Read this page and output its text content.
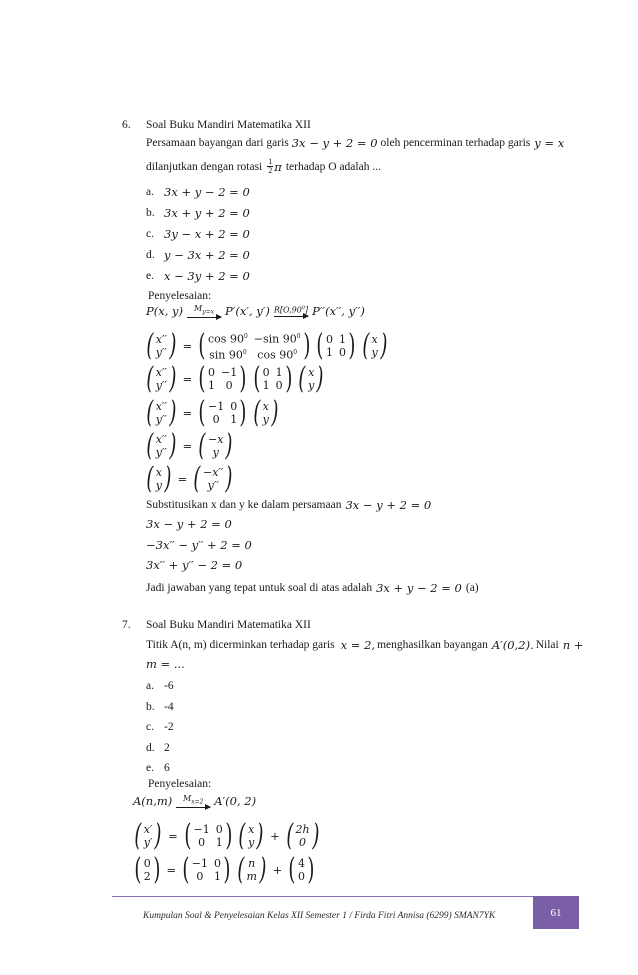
6. Soal Buku Mandiri Matematika XII
Persamaan bayangan dari garis 3x − y + 2 = 0 oleh pencerminan terhadap garis y = x
dilanjutkan dengan rotasi $\frac{1}{2}$ π terhadap O adalah ...
a. 3x + y − 2 = 0
b. 3x + y + 2 = 0
c. 3y − x + 2 = 0
d. y − 3x + 2 = 0
e. x − 3y + 2 = 0
Penyelesaian:
P(x, y) $M_{y=x}$ P′(x′, y′) $R[O,90^0]$ P′′(x′′, y′′)
( x′′
y′′ ) = ( $\cos 90^0$
$\sin 90^0$
−sin $90^0$
$\cos 90^0$ ) ( 0
1
1
0 ) ( x
y )
( x′′
y′′ ) = ( 0
1
−1
0 ) ( 0
1
1
0 ) ( x
y )
( x′′
y′′ ) = ( −1
0
0
1 ) ( x
y )
( x′′
y′′ ) = ( −x
y )
( x
y ) = ( −x′′
y′′ )
Substitusikan x dan y ke dalam persamaan 3x − y + 2 = 0
3x − y + 2 = 0
−3x′′ − y′′ + 2 = 0
3x′′ + y′′ − 2 = 0
Jadi jawaban yang tepat untuk soal di atas adalah 3x + y − 2 = 0 (a)
7. Soal Buku Mandiri Matematika XII
Titik A(n, m) dicerminkan terhadap garis x = 2, menghasilkan bayangan A′(0,2). Nilai n +
m = ...
a. -6
b. -4
c. -2
d. 2
e. 6
Penyelesaian:
A(n,m) $M_{x=2}$ A′(0, 2)
( x′
y′ ) = ( −1
0
0
1 ) ( x
y ) + ( 2h
0 )
( 0
2 ) = ( −1
0
0
1 ) ( n
m ) + ( 4
0 )
Kumpulan Soal & Penyelesaian Kelas XII Semester 1 / Firda Fitri Annisa (6299) SMAN7YK	61
